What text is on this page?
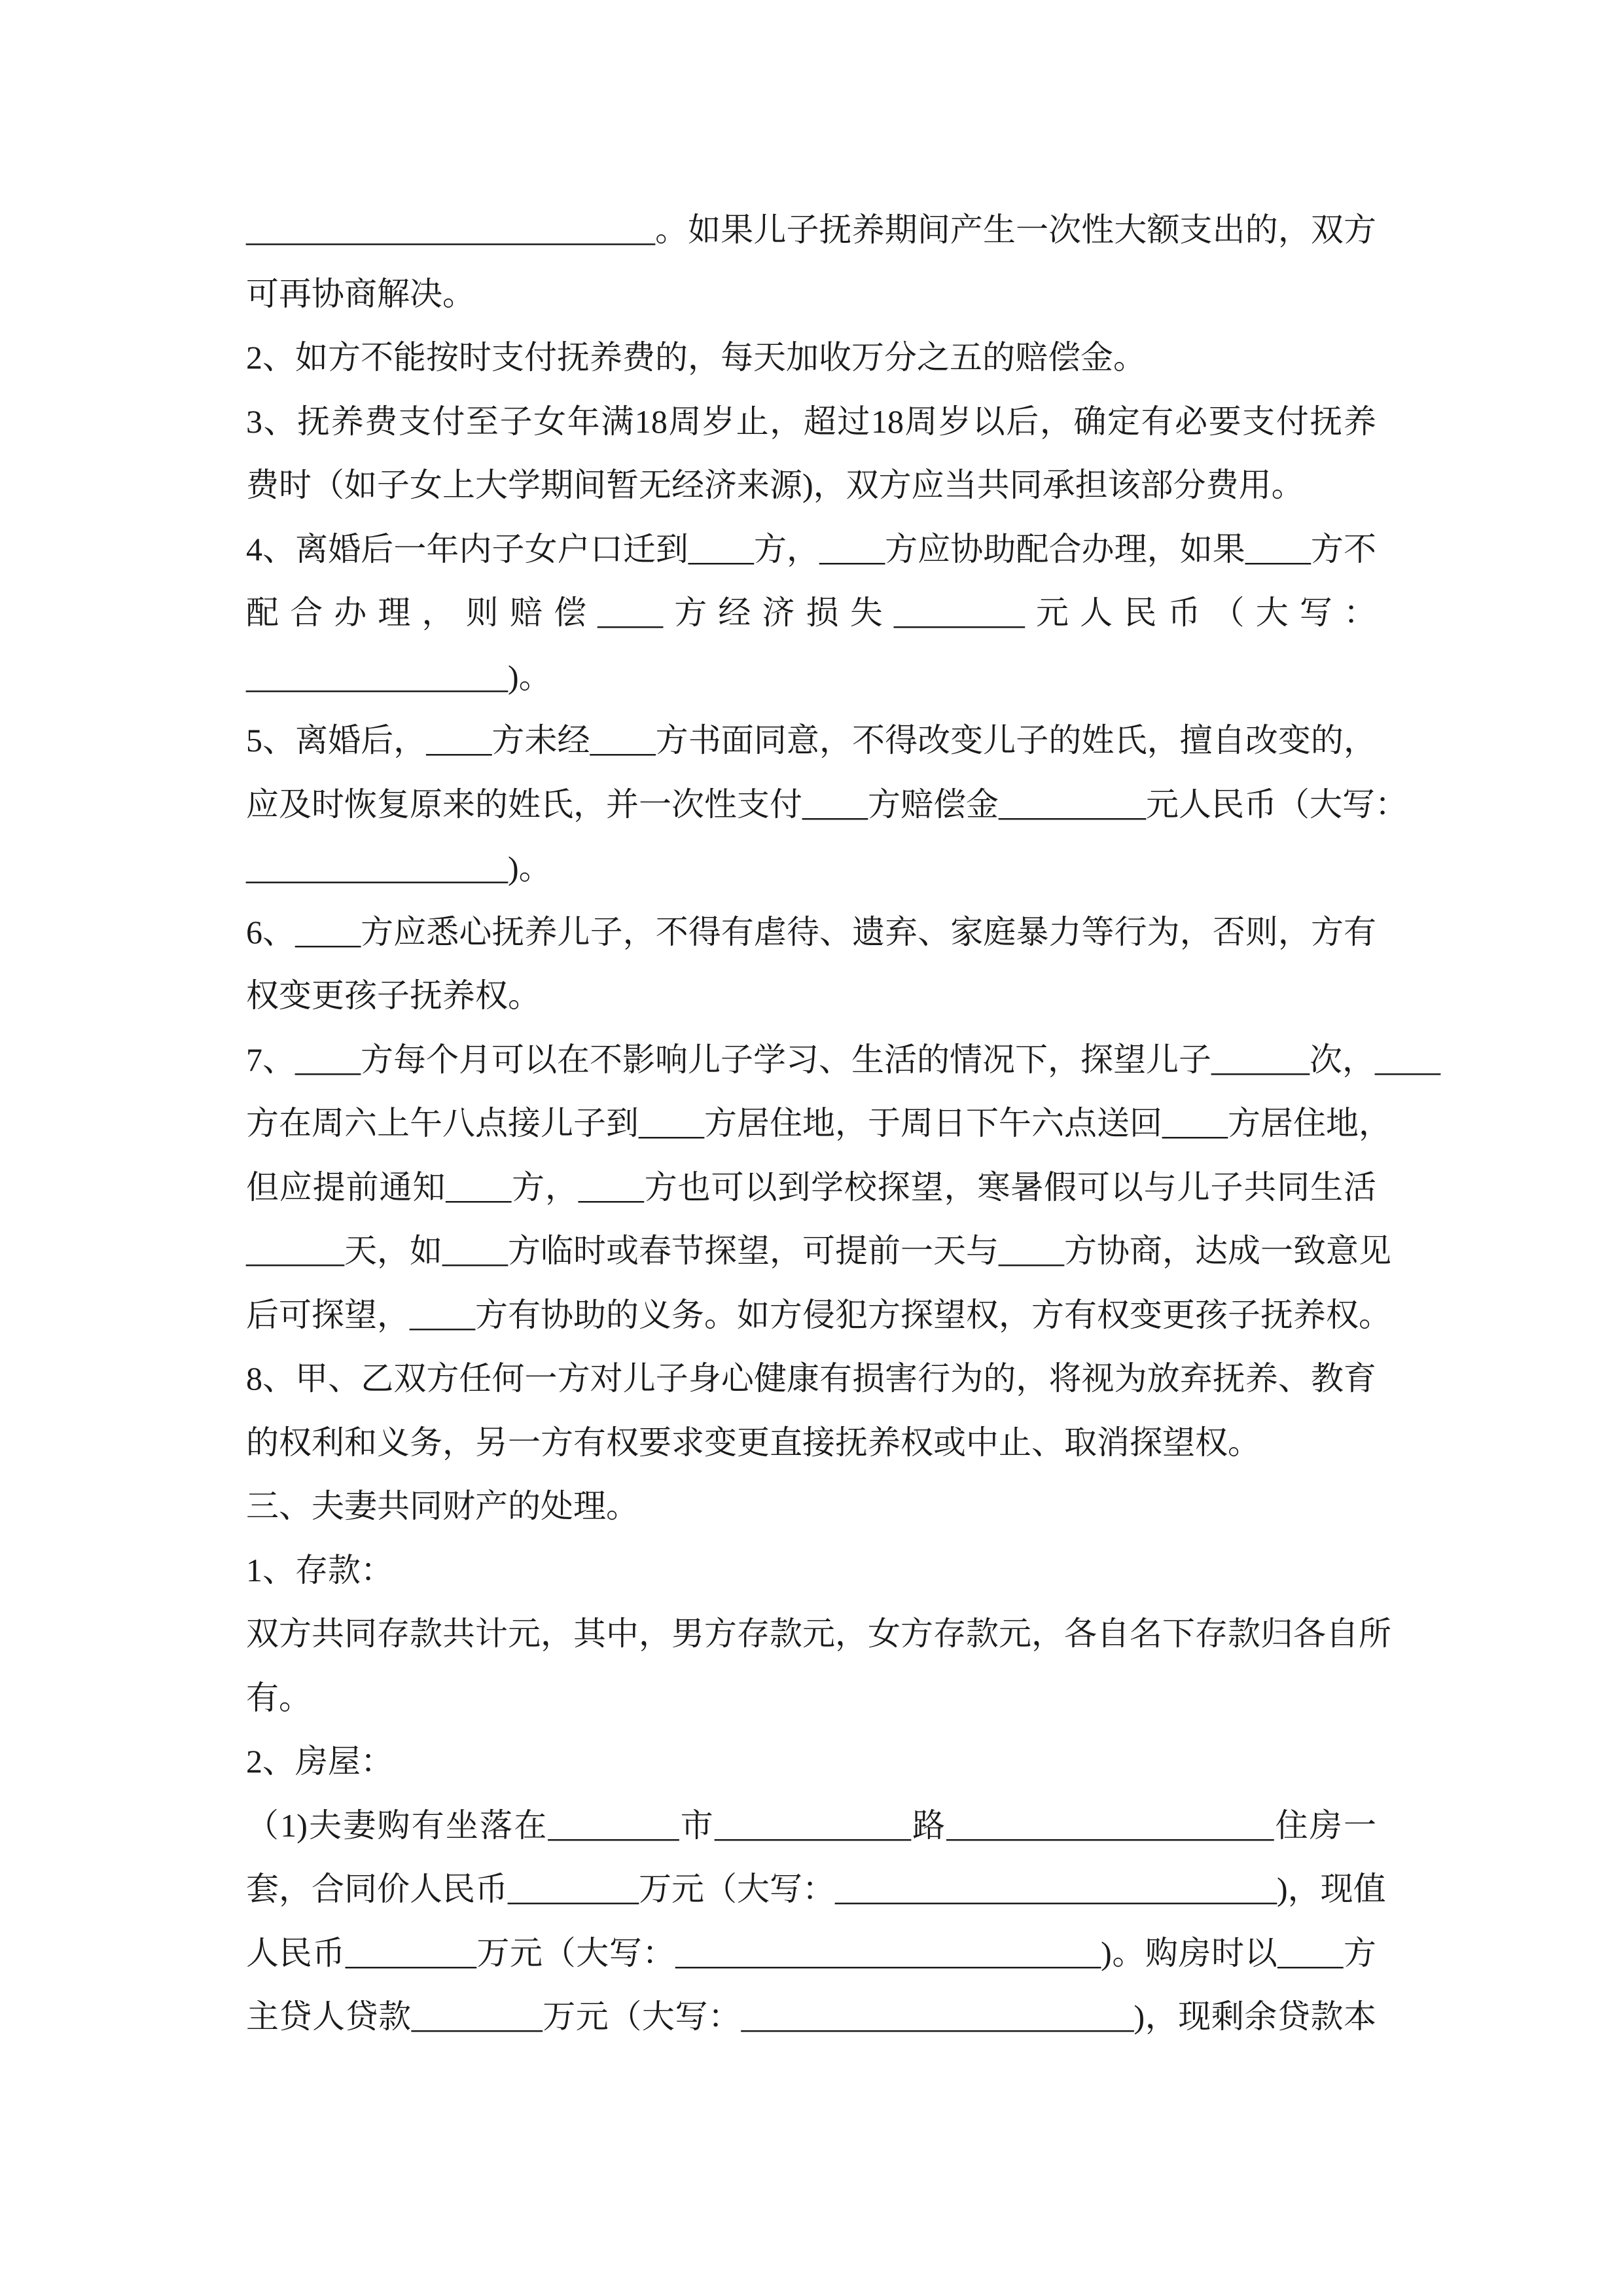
_________________________。如果儿子抚养期间产生一次性大额支出的，双方
可再协商解决。
2、如方不能按时支付抚养费的，每天加收万分之五的赔偿金。
3、抚养费支付至子女年满18周岁止，超过18周岁以后，确定有必要支付抚养
费时（如子女上大学期间暂无经济来源)，双方应当共同承担该部分费用。
4、离婚后一年内子女户口迁到____方，____方应协助配合办理，如果____方不
配合办理，则赔偿____方经济损失________元人民币（大写：
________________)。
5、离婚后，____方未经____方书面同意，不得改变儿子的姓氏，擅自改变的，
应及时恢复原来的姓氏，并一次性支付____方赔偿金_________元人民币（大写：
________________)。
6、____方应悉心抚养儿子，不得有虐待、遗弃、家庭暴力等行为，否则，方有
权变更孩子抚养权。
7、____方每个月可以在不影响儿子学习、生活的情况下，探望儿子______次，____
方在周六上午八点接儿子到____方居住地，于周日下午六点送回____方居住地，
但应提前通知____方，____方也可以到学校探望，寒暑假可以与儿子共同生活
______天，如____方临时或春节探望，可提前一天与____方协商，达成一致意见
后可探望，____方有协助的义务。如方侵犯方探望权，方有权变更孩子抚养权。
8、甲、乙双方任何一方对儿子身心健康有损害行为的，将视为放弃抚养、教育
的权利和义务，另一方有权要求变更直接抚养权或中止、取消探望权。
三、夫妻共同财产的处理。
1、存款：
双方共同存款共计元，其中，男方存款元，女方存款元，各自名下存款归各自所
有。
2、房屋：
（1)夫妻购有坐落在________市____________路____________________住房一
套，合同价人民币________万元（大写：___________________________)，现值
人民币________万元（大写：__________________________)。购房时以____方
主贷人贷款________万元（大写：________________________)，现剩余贷款本
